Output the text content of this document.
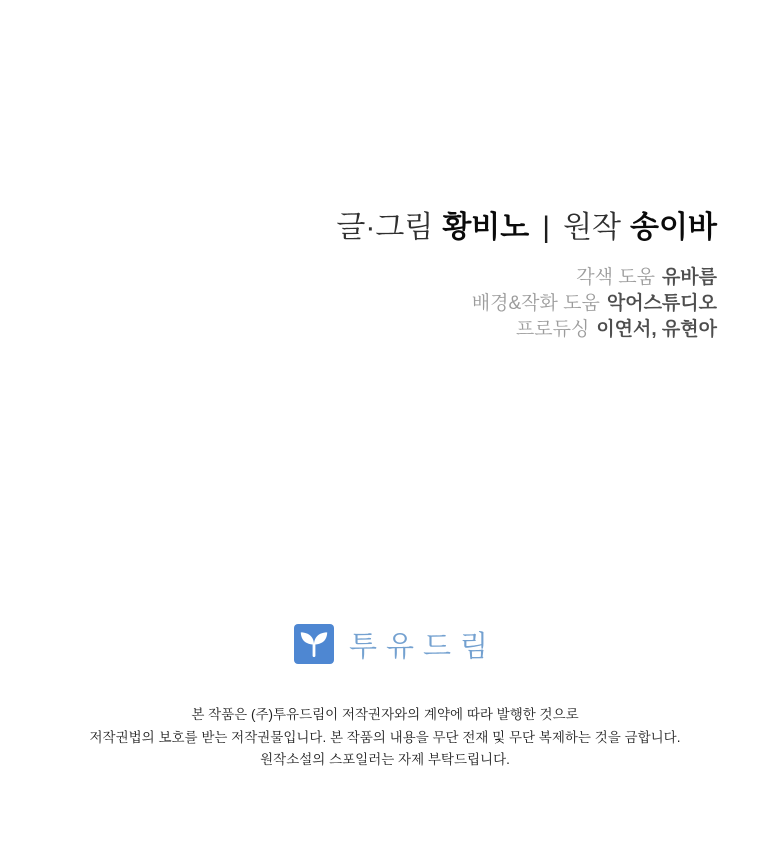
글·그림 황비노 | 원작 송이바
각색 도움 유바름
배경&작화 도움 악어스튜디오
프로듀싱 이연서, 유현아
투유드림
본 작품은 (주)투유드림이 저작권자와의 계약에 따라 발행한 것으로
저작권법의 보호를 받는 저작권물입니다. 본 작품의 내용을 무단 전재 및 무단 복제하는 것을 금합니다.
원작소설의 스포일러는 자제 부탁드립니다.
